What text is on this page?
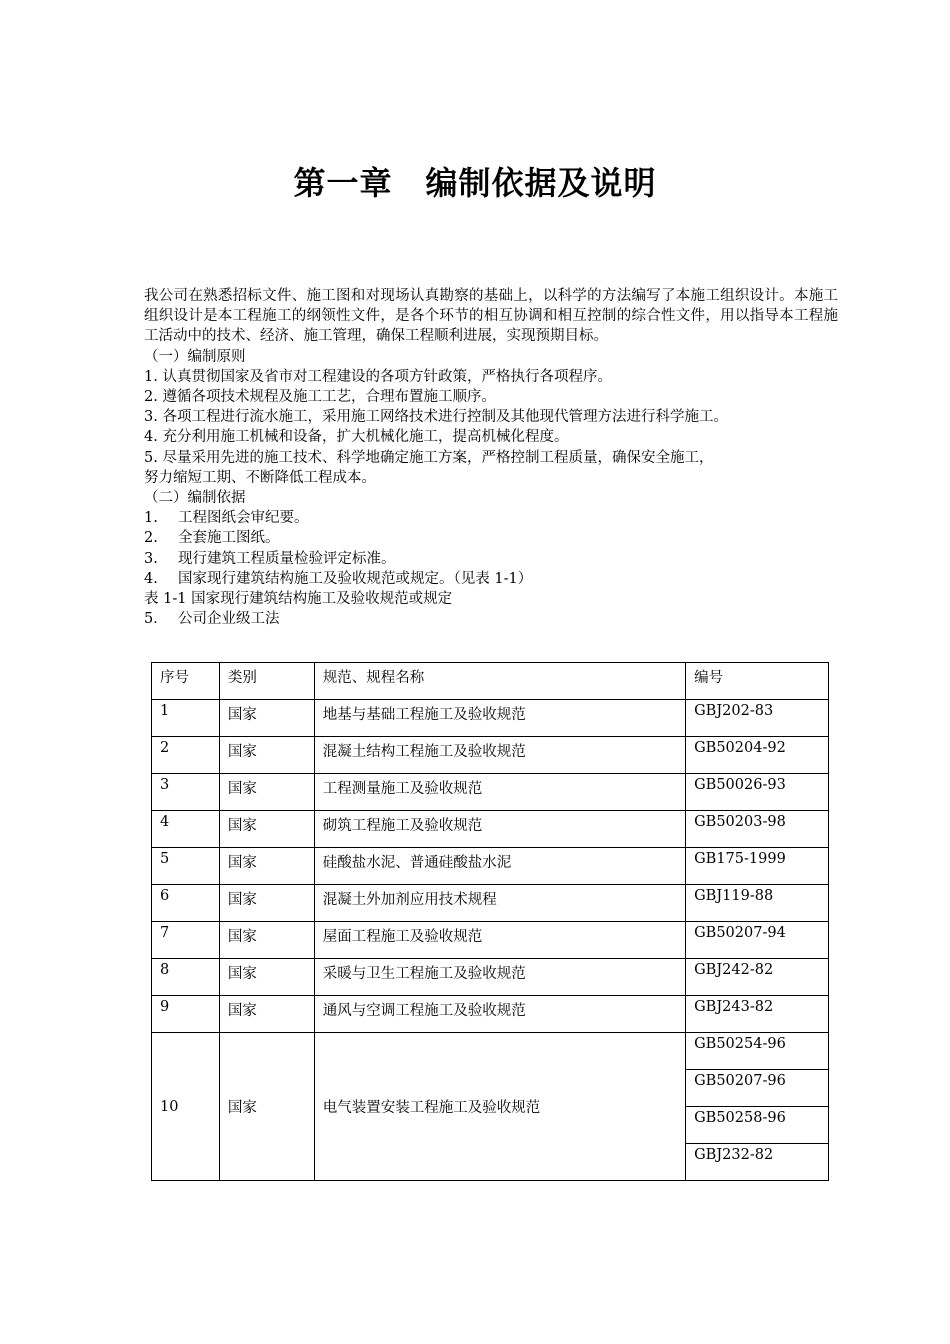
第一章　编制依据及说明

我公司在熟悉招标文件、施工图和对现场认真勘察的基础上，以科学的方法编写了本施工组织设计。本施工组织设计是本工程施工的纲领性文件，是各个环节的相互协调和相互控制的综合性文件，用以指导本工程施工活动中的技术、经济、施工管理，确保工程顺利进展，实现预期目标。

（一）编制原则

1. 认真贯彻国家及省市对工程建设的各项方针政策，严格执行各项程序。

2. 遵循各项技术规程及施工工艺，合理布置施工顺序。

3. 各项工程进行流水施工，采用施工网络技术进行控制及其他现代管理方法进行科学施工。

4. 充分利用施工机械和设备，扩大机械化施工，提高机械化程度。

5. 尽量采用先进的施工技术、科学地确定施工方案，严格控制工程质量，确保安全施工，

努力缩短工期、不断降低工程成本。

（二）编制依据

1. 工程图纸会审纪要。

2. 全套施工图纸。

3. 现行建筑工程质量检验评定标准。

4. 国家现行建筑结构施工及验收规范或规定。（见表 1-1）

表 1-1 国家现行建筑结构施工及验收规范或规定

5． 公司企业级工法

序号	类别	规范、规程名称	编号
1	国家	地基与基础工程施工及验收规范	GBJ202-83
2	国家	混凝土结构工程施工及验收规范	GB50204-92
3	国家	工程测量施工及验收规范	GB50026-93
4	国家	砌筑工程施工及验收规范	GB50203-98
5	国家	硅酸盐水泥、普通硅酸盐水泥	GB175-1999
6	国家	混凝土外加剂应用技术规程	GBJ119-88
7	国家	屋面工程施工及验收规范	GB50207-94
8	国家	采暖与卫生工程施工及验收规范	GBJ242-82
9	国家	通风与空调工程施工及验收规范	GBJ243-82
10	国家	电气装置安装工程施工及验收规范	GB50254-96
			GB50207-96
			GB50258-96
			GBJ232-82
